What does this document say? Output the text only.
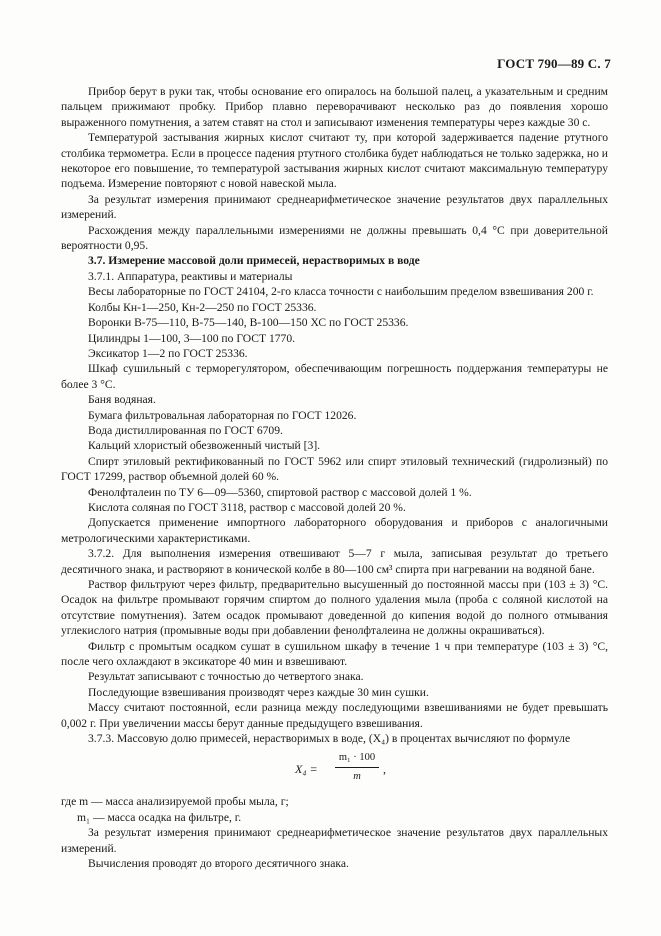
ГОСТ 790—89 С. 7

Прибор берут в руки так, чтобы основание его опиралось на большой палец, а указательным и средним пальцем прижимают пробку. Прибор плавно переворачивают несколько раз до появления хорошо выраженного помутнения, а затем ставят на стол и записывают изменения температуры через каждые 30 с.

Температурой застывания жирных кислот считают ту, при которой задерживается падение ртутного столбика термометра. Если в процессе падения ртутного столбика будет наблюдаться не только задержка, но и некоторое его повышение, то температурой застывания жирных кислот считают максимальную температуру подъема. Измерение повторяют с новой навеской мыла.

За результат измерения принимают среднеарифметическое значение результатов двух параллельных измерений.

Расхождения между параллельными измерениями не должны превышать 0,4 °С при доверительной вероятности 0,95.

3.7. Измерение массовой доли примесей, нерастворимых в воде

3.7.1. Аппаратура, реактивы и материалы

Весы лабораторные по ГОСТ 24104, 2-го класса точности с наибольшим пределом взвешивания 200 г.

Колбы Кн-1—250, Кн-2—250 по ГОСТ 25336.

Воронки В-75—110, В-75—140, В-100—150 ХС по ГОСТ 25336.

Цилиндры 1—100, 3—100 по ГОСТ 1770.

Эксикатор 1—2 по ГОСТ 25336.

Шкаф сушильный с терморегулятором, обеспечивающим погрешность поддержания температуры не более 3 °С.

Баня водяная.

Бумага фильтровальная лабораторная по ГОСТ 12026.

Вода дистиллированная по ГОСТ 6709.

Кальций хлористый обезвоженный чистый [3].

Спирт этиловый ректификованный по ГОСТ 5962 или спирт этиловый технический (гидролизный) по ГОСТ 17299, раствор объемной долей 60 %.

Фенолфталеин по ТУ 6—09—5360, спиртовой раствор с массовой долей 1 %.

Кислота соляная по ГОСТ 3118, раствор с массовой долей 20 %.

Допускается применение импортного лабораторного оборудования и приборов с аналогичными метрологическими характеристиками.

3.7.2. Для выполнения измерения отвешивают 5—7 г мыла, записывая результат до третьего десятичного знака, и растворяют в конической колбе в 80—100 см³ спирта при нагревании на водяной бане.

Раствор фильтруют через фильтр, предварительно высушенный до постоянной массы при (103 ± 3) °С. Осадок на фильтре промывают горячим спиртом до полного удаления мыла (проба с соляной кислотой на отсутствие помутнения). Затем осадок промывают доведенной до кипения водой до полного отмывания углекислого натрия (промывные воды при добавлении фенолфталеина не должны окрашиваться).

Фильтр с промытым осадком сушат в сушильном шкафу в течение 1 ч при температуре (103 ± 3) °С, после чего охлаждают в эксикаторе 40 мин и взвешивают.

Результат записывают с точностью до четвертого знака.

Последующие взвешивания производят через каждые 30 мин сушки.

Массу считают постоянной, если разница между последующими взвешиваниями не будет превышать 0,002 г. При увеличении массы берут данные предыдущего взвешивания.

3.7.3. Массовую долю примесей, нерастворимых в воде, (X₄) в процентах вычисляют по формуле

$X_4 = \frac{\text{m₁ · 100}}{m}$ ,

где m — масса анализируемой пробы мыла, г;

m₁ — масса осадка на фильтре, г.

За результат измерения принимают среднеарифметическое значение результатов двух параллельных измерений.

Вычисления проводят до второго десятичного знака.
